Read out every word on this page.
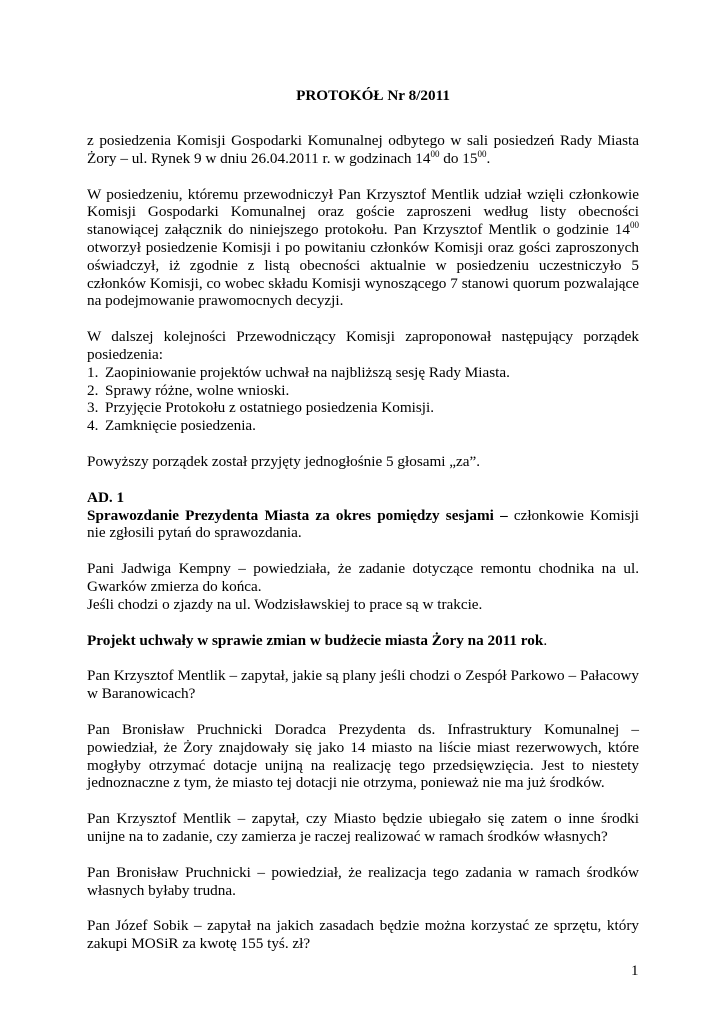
PROTOKÓŁ Nr 8/2011

z posiedzenia Komisji Gospodarki Komunalnej odbytego w sali posiedzeń Rady Miasta Żory – ul. Rynek 9 w dniu 26.04.2011 r. w godzinach $14^{00}$ do $15^{00}$.

W posiedzeniu, któremu przewodniczył Pan Krzysztof Mentlik udział wzięli członkowie Komisji Gospodarki Komunalnej oraz goście zaproszeni według listy obecności stanowiącej załącznik do niniejszego protokołu. Pan Krzysztof Mentlik o godzinie $14^{00}$ otworzył posiedzenie Komisji i po powitaniu członków Komisji oraz gości zaproszonych oświadczył, iż zgodnie z listą obecności aktualnie w posiedzeniu uczestniczyło 5 członków Komisji, co wobec składu Komisji wynoszącego 7 stanowi quorum pozwalające na podejmowanie prawomocnych decyzji.

W dalszej kolejności Przewodniczący Komisji zaproponował następujący porządek posiedzenia:

1. Zaopiniowanie projektów uchwał na najbliższą sesję Rady Miasta.
2. Sprawy różne, wolne wnioski.
3. Przyjęcie Protokołu z ostatniego posiedzenia Komisji.
4. Zamknięcie posiedzenia.

Powyższy porządek został przyjęty jednogłośnie 5 głosami „za”.

AD. 1

Sprawozdanie Prezydenta Miasta za okres pomiędzy sesjami – członkowie Komisji nie zgłosili pytań do sprawozdania.

Pani Jadwiga Kempny – powiedziała, że zadanie dotyczące remontu chodnika na ul. Gwarków zmierza do końca.

Jeśli chodzi o zjazdy na ul. Wodzisławskiej to prace są w trakcie.

Projekt uchwały w sprawie zmian w budżecie miasta Żory na 2011 rok.

Pan Krzysztof Mentlik – zapytał, jakie są plany jeśli chodzi o Zespół Parkowo – Pałacowy w Baranowicach?

Pan Bronisław Pruchnicki Doradca Prezydenta ds. Infrastruktury Komunalnej – powiedział, że Żory znajdowały się jako 14 miasto na liście miast rezerwowych, które mogłyby otrzymać dotacje unijną na realizację tego przedsięwzięcia. Jest to niestety jednoznaczne z tym, że miasto tej dotacji nie otrzyma, ponieważ nie ma już środków.

Pan Krzysztof Mentlik – zapytał, czy Miasto będzie ubiegało się zatem o inne środki unijne na to zadanie, czy zamierza je raczej realizować w ramach środków własnych?

Pan Bronisław Pruchnicki – powiedział, że realizacja tego zadania w ramach środków własnych byłaby trudna.

Pan Józef Sobik – zapytał na jakich zasadach będzie można korzystać ze sprzętu, który zakupi MOSiR za kwotę 155 tyś. zł?

1
